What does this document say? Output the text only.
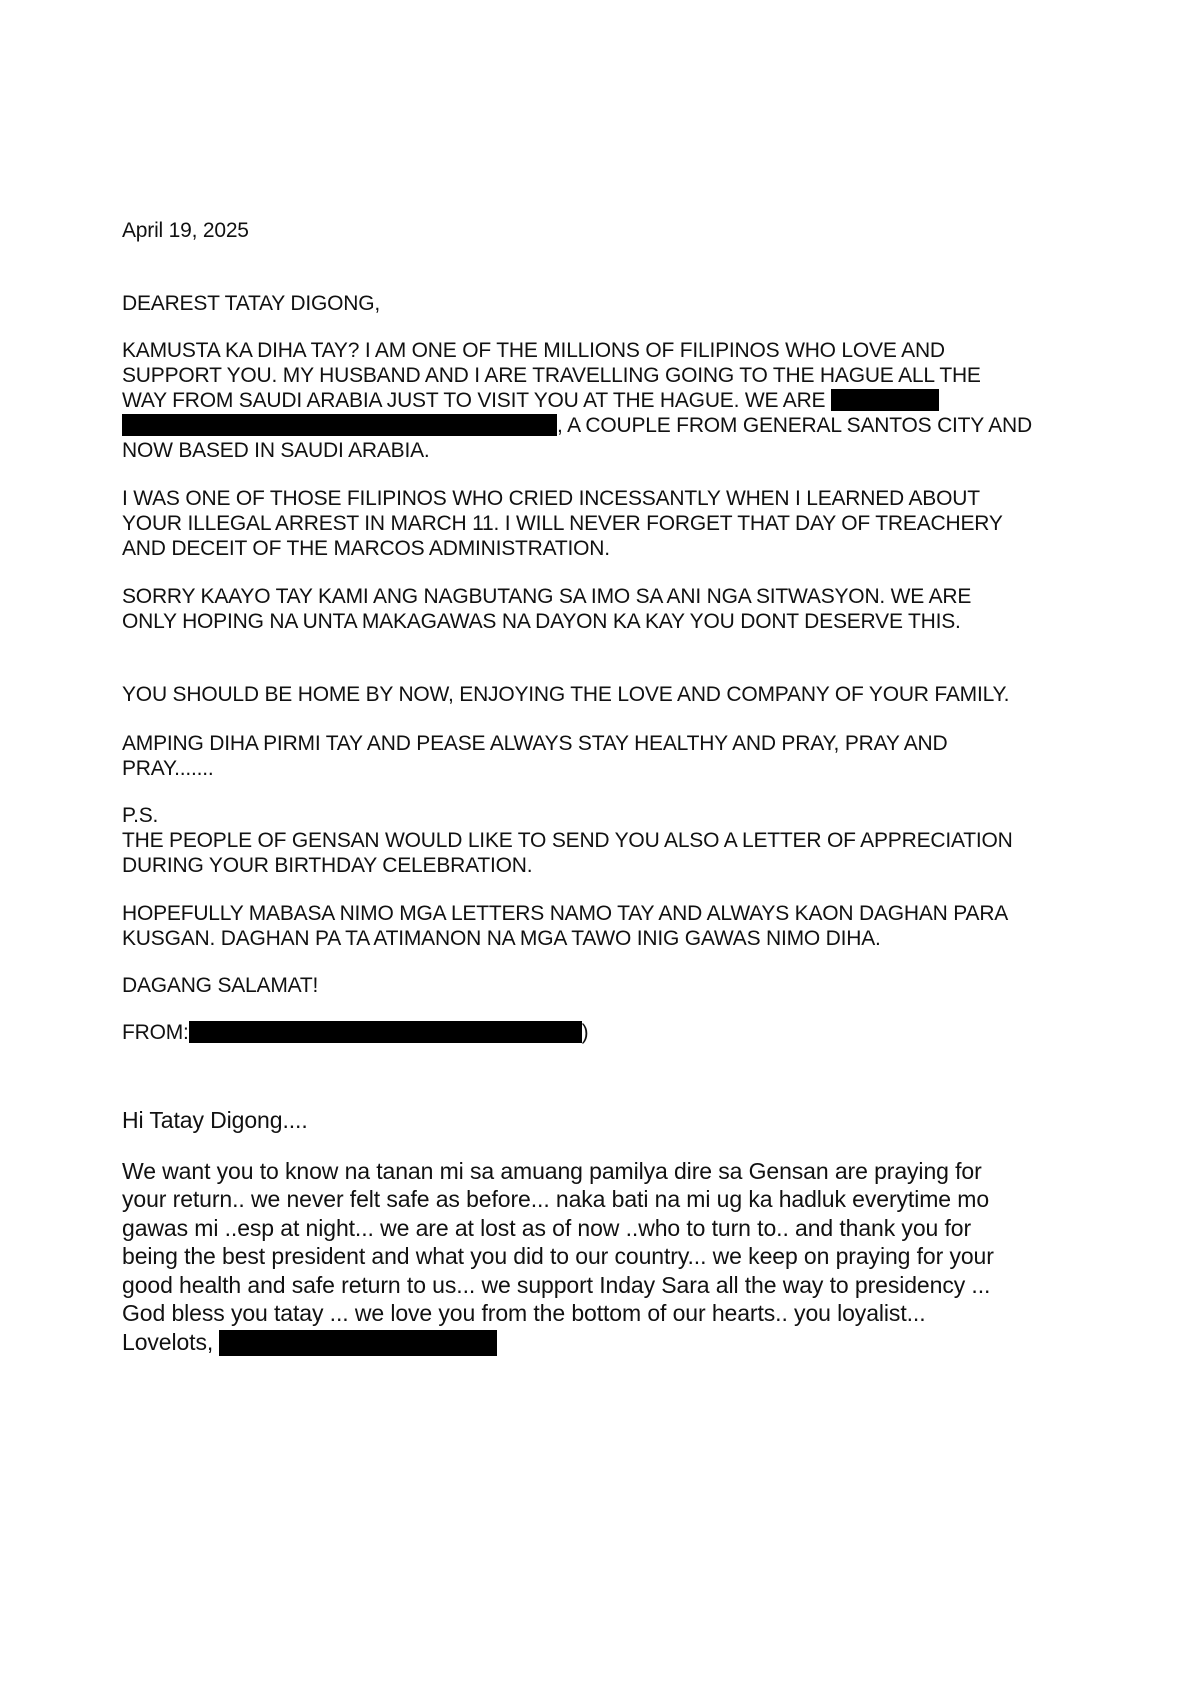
April 19, 2025

DEAREST TATAY DIGONG,

KAMUSTA KA DIHA TAY? I AM ONE OF THE MILLIONS OF FILIPINOS WHO LOVE AND
SUPPORT YOU. MY HUSBAND AND I ARE TRAVELLING GOING TO THE HAGUE ALL THE
WAY FROM SAUDI ARABIA JUST TO VISIT YOU AT THE HAGUE. WE ARE
, A COUPLE FROM GENERAL SANTOS CITY AND
NOW BASED IN SAUDI ARABIA.
I WAS ONE OF THOSE FILIPINOS WHO CRIED INCESSANTLY WHEN I LEARNED ABOUT
YOUR ILLEGAL ARREST IN MARCH 11. I WILL NEVER FORGET THAT DAY OF TREACHERY
AND DECEIT OF THE MARCOS ADMINISTRATION.
SORRY KAAYO TAY KAMI ANG NAGBUTANG SA IMO SA ANI NGA SITWASYON. WE ARE
ONLY HOPING NA UNTA MAKAGAWAS NA DAYON KA KAY YOU DONT DESERVE THIS.

YOU SHOULD BE HOME BY NOW, ENJOYING THE LOVE AND COMPANY OF YOUR FAMILY.

AMPING DIHA PIRMI TAY AND PEASE ALWAYS STAY HEALTHY AND PRAY, PRAY AND
PRAY.......

P.S.

THE PEOPLE OF GENSAN WOULD LIKE TO SEND YOU ALSO A LETTER OF APPRECIATION
DURING YOUR BIRTHDAY CELEBRATION.
HOPEFULLY MABASA NIMO MGA LETTERS NAMO TAY AND ALWAYS KAON DAGHAN PARA
KUSGAN. DAGHAN PA TA ATIMANON NA MGA TAWO INIG GAWAS NIMO DIHA.

DAGANG SALAMAT!

FROM:	)

Hi Tatay Digong....
We want you to know na tanan mi sa amuang pamilya dire sa Gensan are praying for
your return.. we never felt safe as before... naka bati na mi ug ka hadluk everytime mo
gawas mi ..esp at night... we are at lost as of now ..who to turn to.. and thank you for
being the best president and what you did to our country... we keep on praying for your
good health and safe return to us... we support Inday Sara all the way to presidency ...
God bless you tatay ... we love you from the bottom of our hearts.. you loyalist...
Lovelots,
